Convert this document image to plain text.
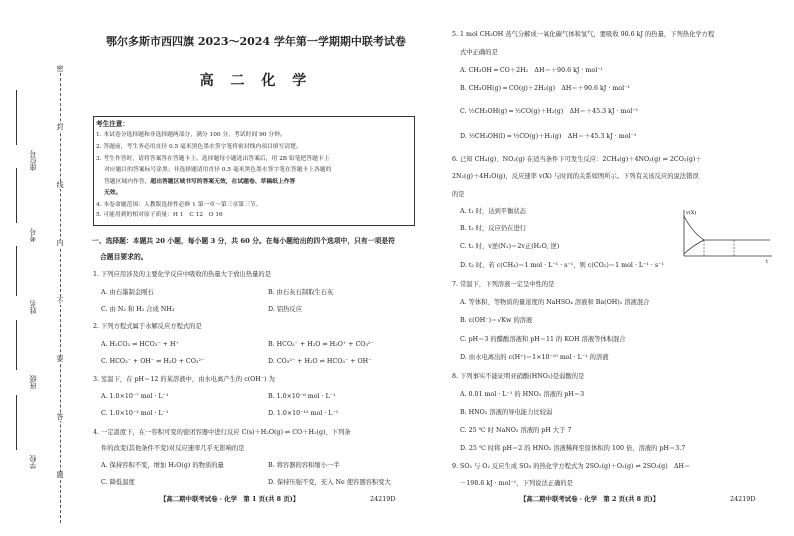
密
封
线
内
不
要
答
题
座位号
考号
姓名
班级
学校
鄂尔多斯市西四旗 2023～2024 学年第一学期期中联考试卷
高 二 化 学
考生注意：
1. 本试卷分选择题和非选择题两部分，满分 100 分，考试时间 90 分钟。
2. 答题前，考生务必用直径 0.5 毫米黑色墨水签字笔将密封线内项目填写清楚。
3. 考生作答时，请将答案答在答题卡上。选择题每小题选出答案后，用 2B 铅笔把答题卡上
对应题目的答案标号涂黑；非选择题请用直径 0.5 毫米黑色墨水签字笔在答题卡上各题的
答题区域内作答，超出答题区域书写的答案无效，在试题卷、草稿纸上作答
无效。
4. 本卷命题范围：人教版选择性必修 1 第一章～第三章第三节。
5. 可能用到的相对原子质量：H 1　C 12　O 16
一、选择题：本题共 20 小题，每小题 3 分，共 60 分。在每小题给出的四个选项中，只有一项是符
合题目要求的。
1. 下列应用涉及的主要化学反应中吸收的热量大于放出热量的是
A. 由石墨制金刚石	B. 由石灰石制取生石灰
C. 由 N₂ 和 H₂ 合成 NH₃	D. 铝热反应
2. 下列方程式属于水解反应方程式的是
A. H₂CO₃ ⇌ HCO₃⁻ + H⁺	B. HCO₃⁻ + H₂O ⇌ H₃O⁺ + CO₃²⁻
C. HCO₃⁻ + OH⁻ ⇌ H₂O + CO₃²⁻	D. CO₃²⁻ + H₂O ⇌ HCO₃⁻ + OH⁻
3. 室温下，在 pH＝12 的某溶液中，由水电离产生的 c(OH⁻) 为
A. 1.0×10⁻⁷ mol · L⁻¹	B. 1.0×10⁻⁶ mol · L⁻¹
C. 1.0×10⁻² mol · L⁻¹	D. 1.0×10⁻¹² mol · L⁻¹
4. 一定温度下，在一容积可变的密闭容器中进行反应 C(s)＋H₂O(g) ⇌ CO＋H₂(g)，下列条
件的改变(其他条件不变)对反应速率几乎无影响的是
A. 保持容积不变，增加 H₂O(g) 的物质的量	B. 将容器的容积缩小一半
C. 降低温度	D. 保持压强不变，充入 Ne 使容器容积变大
【高二期中联考试卷 · 化学　第 1 页(共 8 页)】	24219D
5. 1 mol CH₃OH 蒸气分解成一氧化碳气体和氢气，要吸收 90.6 kJ 的热量，下列热化学方程
式中正确的是
A. CH₃OH ═ CO＋2H₂　ΔH＝＋90.6 kJ · mol⁻¹
B. CH₃OH(g) ═ CO(g)＋2H₂(g)　ΔH＝＋90.6 kJ · mol⁻¹
C. ½CH₃OH(g) ═ ½CO(g)＋H₂(g)　ΔH＝＋45.3 kJ · mol⁻¹
D. ½CH₃OH(l) ═ ½CO(g)＋H₂(g)　ΔH＝＋45.3 kJ · mol⁻¹
6. 已知 CH₄(g)、NO₂(g) 在适当条件下可发生反应：2CH₄(g)＋4NO₂(g) ⇌ 2CO₂(g)＋
2N₂(g)＋4H₂O(g)，反应速率 v(X) 与时间的关系如图所示。下列有关该反应的说法错误
的是
A. t₁ 时，达到平衡状态
B. t₂ 时，反应仍在进行
C. t₂ 时，v逆(N₂)＝2v正(H₂O, 逆)
D. t₂ 时，若 c(CH₄)＝1 mol · L⁻¹ · s⁻¹，则 c(CO₂)＝1 mol · L⁻¹ · s⁻¹
v(X)
t
7. 常温下，下列溶液一定呈中性的是
A. 等体积、等物质的量浓度的 NaHSO₄ 溶液和 Ba(OH)₂ 溶液混合
B. c(OH⁻)＝√Kw 的溶液
C. pH＝3 的醋酸溶液和 pH＝11 的 KOH 溶液等体积混合
D. 由水电离出的 c(H⁺)＝1×10⁻¹⁰ mol · L⁻¹ 的溶液
8. 下列事实不能证明亚硝酸(HNO₂)是弱酸的是
A. 0.01 mol · L⁻¹ 的 HNO₂ 溶液的 pH＝3
B. HNO₂ 溶液的导电能力比较弱
C. 25 ℃ 时 NaNO₂ 溶液的 pH 大于 7
D. 25 ℃ 时将 pH＝2 的 HNO₂ 溶液稀释至原体积的 100 倍，溶液的 pH＝3.7
9. SO₂ 与 O₂ 反应生成 SO₃ 的热化学方程式为 2SO₂(g)＋O₂(g) ⇌ 2SO₃(g)　ΔH＝
－198.6 kJ · mol⁻¹，下列说法正确的是
【高二期中联考试卷 · 化学　第 2 页(共 8 页)】	24219D
